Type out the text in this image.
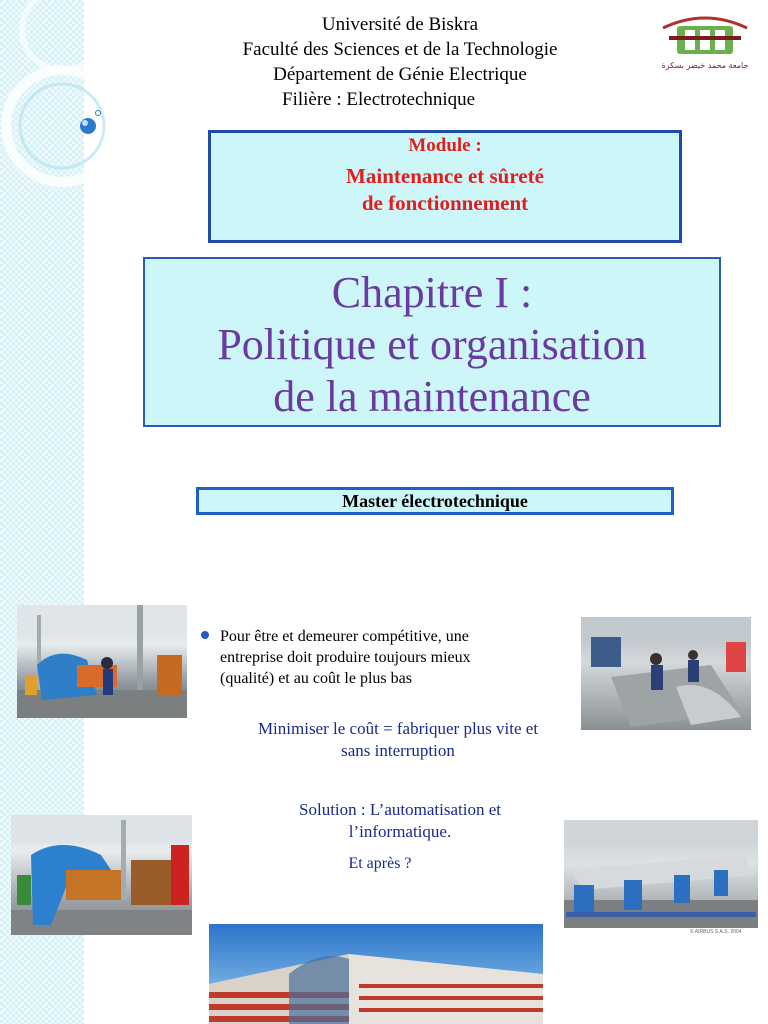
Université de Biskra
Faculté des Sciences et de la Technologie
Département de Génie Electrique
Filière : Electrotechnique
جامعة محمد خيضر بسكرة
Module :
Maintenance et sûreté
de fonctionnement
Chapitre I :
Politique et organisation
de la maintenance
Master électrotechnique
Pour être et demeurer compétitive, une
entreprise doit produire toujours mieux
(qualité) et au coût le plus bas
Minimiser le coût = fabriquer plus vite et
sans interruption
Solution : L’automatisation et
l’informatique.
Et après ?
© AIRBUS S.A.S. 2004
